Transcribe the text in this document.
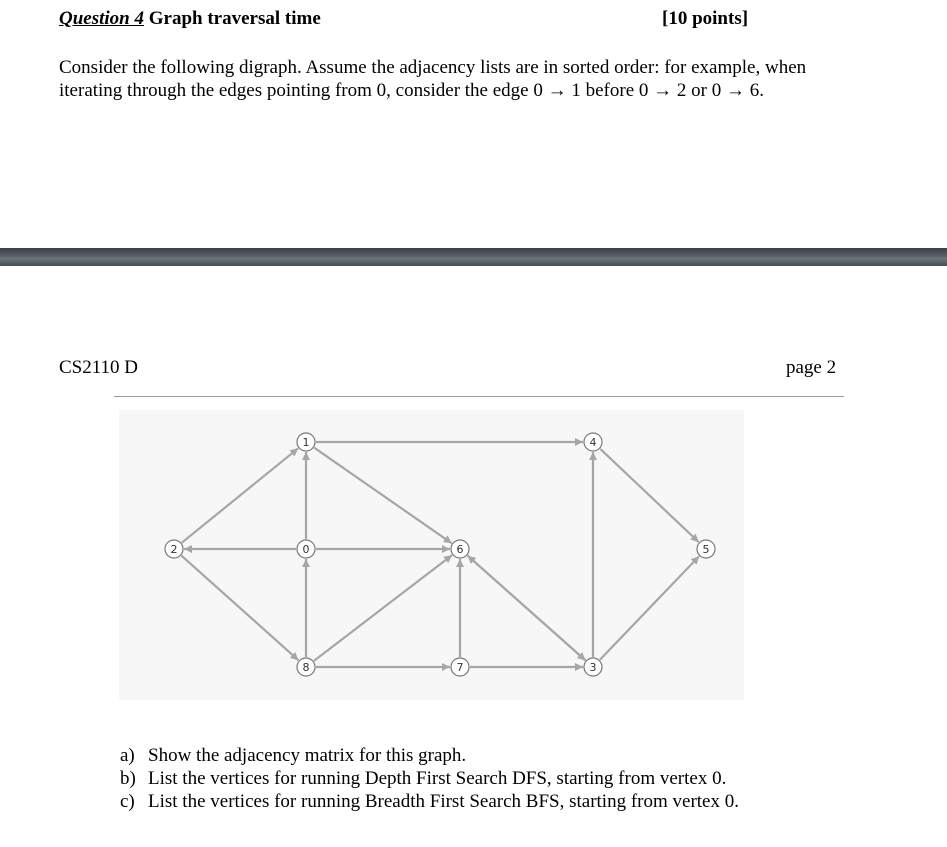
Question 4 Graph traversal time	[10 points]
Consider the following digraph. Assume the adjacency lists are in sorted order: for example, when
iterating through the edges pointing from 0, consider the edge 0 → 1 before 0 → 2 or 0 → 6.
CS2110 D	page 2
0
1
2
3
4
5
6
7
8
a) Show the adjacency matrix for this graph.
b) List the vertices for running Depth First Search DFS, starting from vertex 0.
c) List the vertices for running Breadth First Search BFS, starting from vertex 0.
